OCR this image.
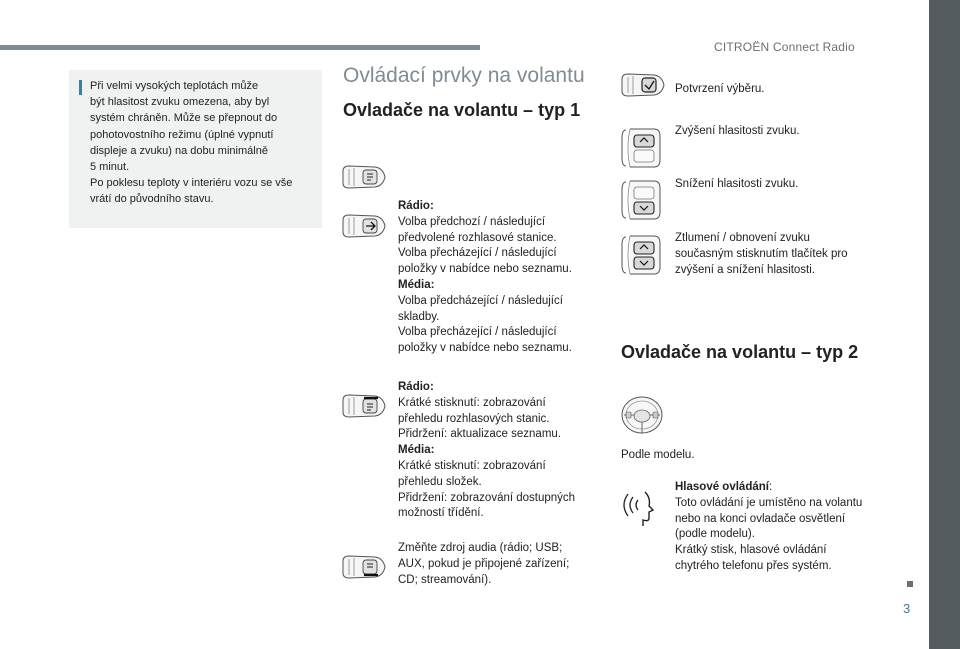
CITROËN Connect Radio
3
Při velmi vysokých teplotách může
být hlasitost zvuku omezena, aby byl
systém chráněn. Může se přepnout do
pohotovostního režimu (úplné vypnutí
displeje a zvuku) na dobu minimálně
5 minut.
Po poklesu teploty v interiéru vozu se vše
vrátí do původního stavu.
Ovládací prvky na volantu
Ovladače na volantu – typ 1
Rádio:
Volba předchozí / následující předvolené rozhlasové stanice.
Volba přecházející / následující položky v nabídce nebo seznamu.
Média:
Volba předcházející / následující skladby.
Volba přecházející / následující položky v nabídce nebo seznamu.
Rádio:
Krátké stisknutí: zobrazování přehledu rozhlasových stanic.
Přidržení: aktualizace seznamu.
Média:
Krátké stisknutí: zobrazování přehledu složek.
Přidržení: zobrazování dostupných možností třídění.
Změňte zdroj audia (rádio; USB; AUX, pokud je připojené zařízení; CD; streamování).
Potvrzení výběru.
Zvýšení hlasitosti zvuku.
Snížení hlasitosti zvuku.
Ztlumení / obnovení zvuku současným stisknutím tlačítek pro zvýšení a snížení hlasitosti.
Ovladače na volantu – typ 2
Podle modelu.
Hlasové ovládání:
Toto ovládání je umístěno na volantu nebo na konci ovladače osvětlení (podle modelu).
Krátký stisk, hlasové ovládání chytrého telefonu přes systém.
